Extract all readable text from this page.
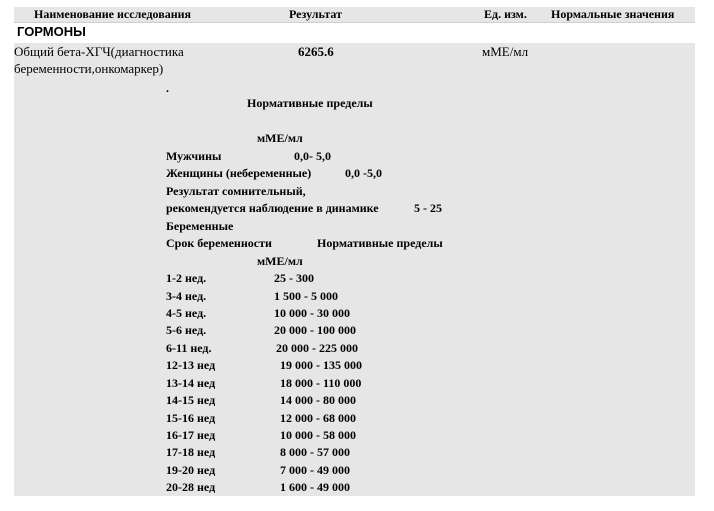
Наименование исследования	Результат	Ед. изм. Нормальные значения
ГОРМОНЫ
Общий бета-ХГЧ(диагностика
беременности,онкомаркер)
6265.6	мМЕ/мл
.
Нормативные пределы
мМЕ/мл
Мужчины	0,0- 5,0
Женщины (небеременные)	0,0 -5,0
Результат сомнительный,
рекомендуется наблюдение в динамике	5 - 25
Беременные
Срок беременности	Нормативные пределы
мМЕ/мл
1-2 нед.	25 - 300
3-4 нед.	1 500 - 5 000
4-5 нед.	10 000 - 30 000
5-6 нед.	20 000 - 100 000
6-11 нед.	20 000 - 225 000
12-13 нед	19 000 - 135 000
13-14 нед	18 000 - 110 000
14-15 нед	14 000 - 80 000
15-16 нед	12 000 - 68 000
16-17 нед	10 000 - 58 000
17-18 нед	8 000 - 57 000
19-20 нед	7 000 - 49 000
20-28 нед	1 600 - 49 000
